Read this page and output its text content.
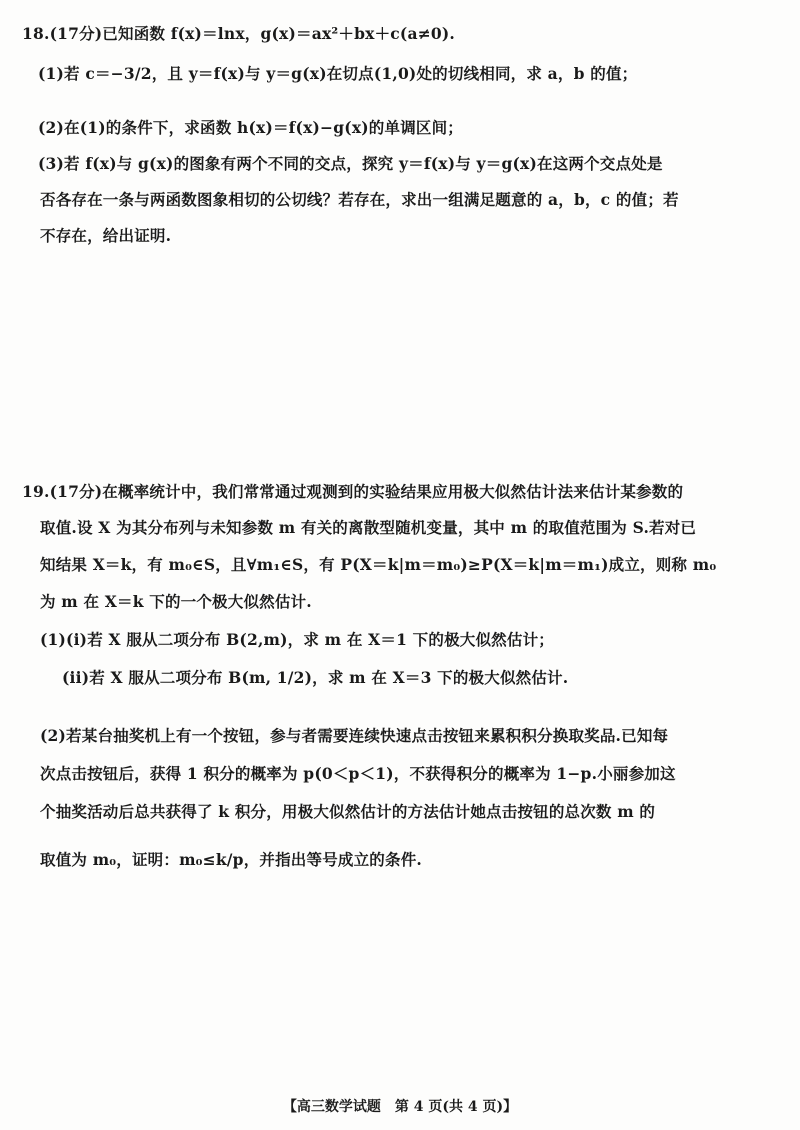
18.(17分)已知函数 f(x)＝lnx，g(x)＝ax²＋bx＋c(a≠0).
(1)若 c＝−3/2，且 y＝f(x)与 y＝g(x)在切点(1,0)处的切线相同，求 a，b 的值；
(2)在(1)的条件下，求函数 h(x)＝f(x)−g(x)的单调区间；
(3)若 f(x)与 g(x)的图象有两个不同的交点，探究 y＝f(x)与 y＝g(x)在这两个交点处是
否各存在一条与两函数图象相切的公切线？若存在，求出一组满足题意的 a，b，c 的值；若
不存在，给出证明.
19.(17分)在概率统计中，我们常常通过观测到的实验结果应用极大似然估计法来估计某参数的
取值.设 X 为其分布列与未知参数 m 有关的离散型随机变量，其中 m 的取值范围为 S.若对已
知结果 X＝k，有 m₀∈S，且∀m₁∈S，有 P(X＝k|m＝m₀)≥P(X＝k|m＝m₁)成立，则称 m₀
为 m 在 X＝k 下的一个极大似然估计.
(1)(i)若 X 服从二项分布 B(2,m)，求 m 在 X＝1 下的极大似然估计；
(ii)若 X 服从二项分布 B(m, 1/2)，求 m 在 X＝3 下的极大似然估计.
(2)若某台抽奖机上有一个按钮，参与者需要连续快速点击按钮来累积积分换取奖品.已知每
次点击按钮后，获得 1 积分的概率为 p(0＜p＜1)，不获得积分的概率为 1−p.小丽参加这
个抽奖活动后总共获得了 k 积分，用极大似然估计的方法估计她点击按钮的总次数 m 的
取值为 m₀，证明：m₀≤k/p，并指出等号成立的条件.
【高三数学试题　第 4 页(共 4 页)】
